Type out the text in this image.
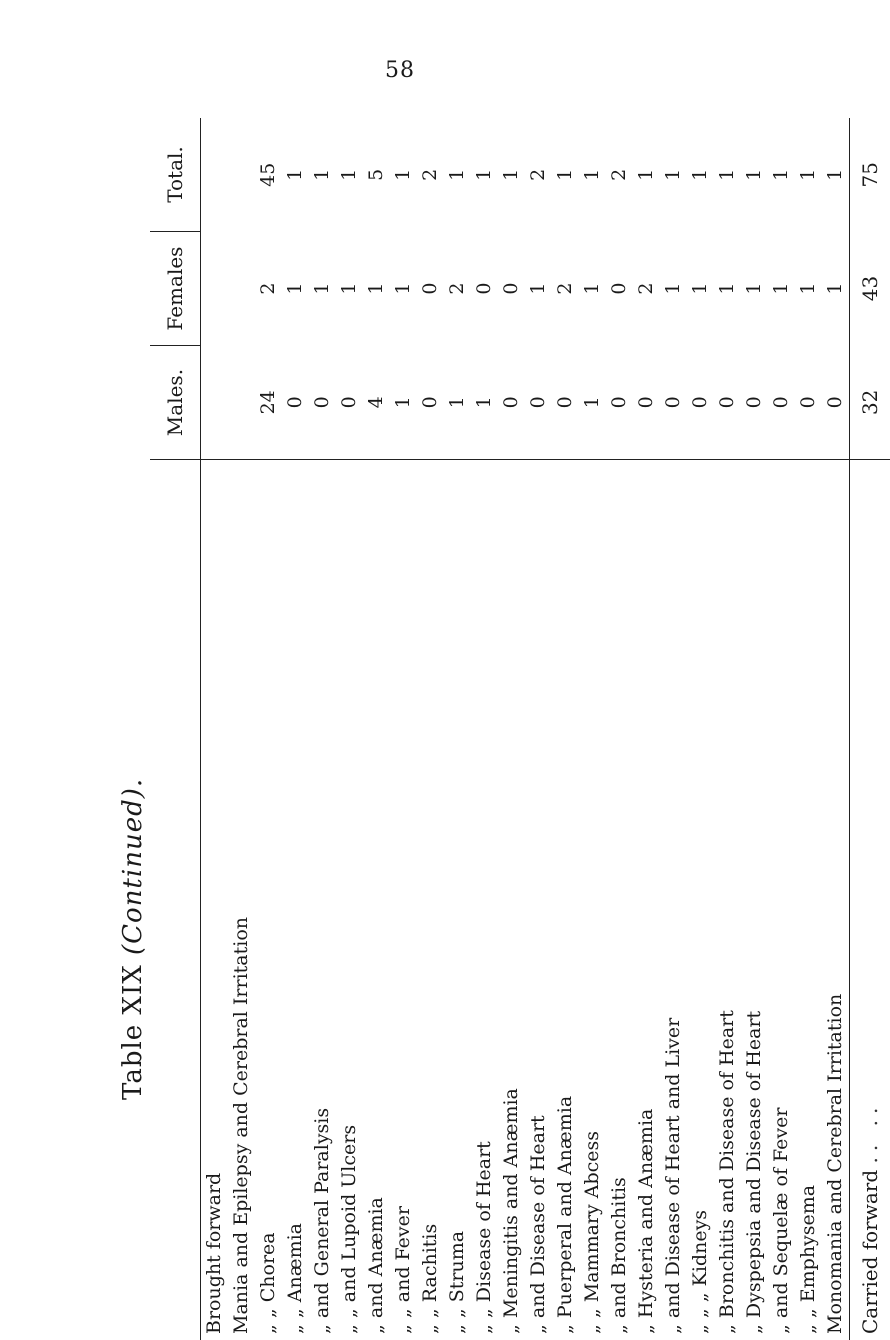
58
Table XIX (Continued).
	Males.	Females	Total.
Brought forward			
Mania and Epilepsy and Cerebral Irritation			
„ „ Chorea	24	2	45
„ „ Anæmia	0	1	1
„ and General Paralysis	0	1	1
„ „ and Lupoid Ulcers	0	1	1
„ and Anæmia	4	1	5
„ „ and Fever	1	1	1
„ „ Rachitis	0	0	2
„ „ Struma	1	2	1
„ „ Disease of Heart	1	0	1
„ Meningitis and Anæmia	0	0	1
„ and Disease of Heart	0	1	2
„ Puerperal and Anæmia	0	2	1
„ „ Mammary Abcess	1	1	1
„ and Bronchitis	0	0	2
„ Hysteria and Anæmia	0	2	1
„ and Disease of Heart and Liver	0	1	1
„ „ „ Kidneys	0	1	1
„ Bronchitis and Disease of Heart	0	1	1
„ Dyspepsia and Disease of Heart	0	1	1
„ and Sequelæ of Fever	0	1	1
„ „ Emphysema	0	1	1
Monomania and Cerebral Irritation	0	1	1
Carried forward .. ..	32	43	75
